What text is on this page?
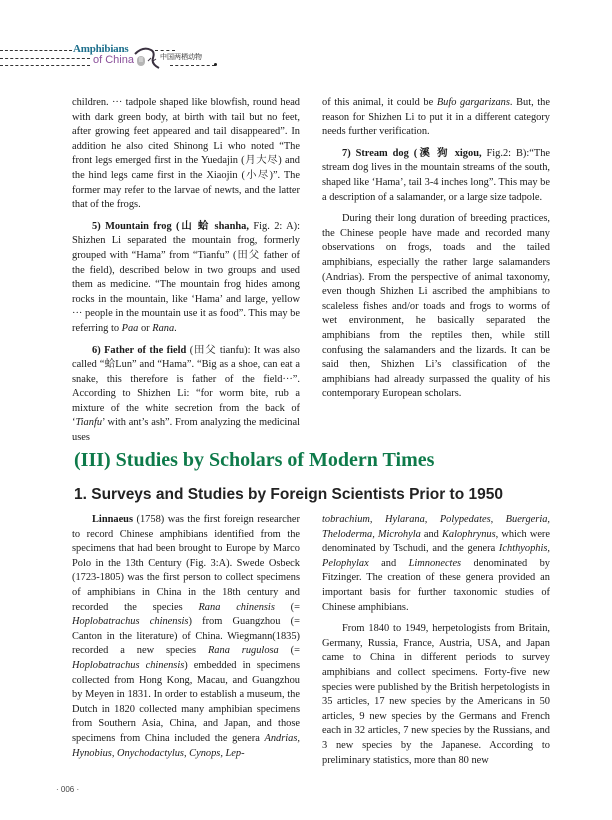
Amphibians
of China II 中国两栖动物

children. ··· tadpole shaped like blowfish, round head with dark green body, at birth with tail but no feet, after growing feet appeared and tail disappeared”. In addition he also cited Shinong Li who noted “The front legs emerged first in the Yuedajin (月大尽) and the hind legs came first in the Xiaojin (小尽)”. The former may refer to the larvae of newts, and the latter that of the frogs.

5) Mountain frog (山 蛤 shanha, Fig. 2: A): Shizhen Li separated the mountain frog, formerly grouped with “Hama” from “Tianfu” (田父 father of the field), described below in two groups and used them as medicine. “The mountain frog hides among rocks in the mountain, like ‘Hama’ and large, yellow ··· people in the mountain use it as food”. This may be referring to Paa or Rana.

6) Father of the field (田父 tianfu): It was also called “蛤Lun” and “Hama”. “Big as a shoe, can eat a snake, this therefore is father of the field···”. According to Shizhen Li: “for worm bite, rub a mixture of the white secretion from the back of ‘Tianfu’ with ant’s ash”. From analyzing the medicinal uses

of this animal, it could be Bufo gargarizans. But, the reason for Shizhen Li to put it in a different category needs further verification.

7) Stream dog (溪 狗 xigou, Fig.2: B):“The stream dog lives in the mountain streams of the south, shaped like ‘Hama’, tail 3-4 inches long”. This may be a description of a salamander, or a large size tadpole.

During their long duration of breeding practices, the Chinese people have made and recorded many observations on frogs, toads and the tailed amphibians, especially the rather large salamanders (Andrias). From the perspective of animal taxonomy, even though Shizhen Li ascribed the amphibians to scaleless fishes and/or toads and frogs to worms of wet environment, he basically separated the amphibians from the reptiles then, while still confusing the salamanders and the lizards. It can be said then, Shizhen Li’s classification of the amphibians had already surpassed the quality of his contemporary European scholars.

(III) Studies by Scholars of Modern Times
1. Surveys and Studies by Foreign Scientists Prior to 1950

Linnaeus (1758) was the first foreign researcher to record Chinese amphibians identified from the specimens that had been brought to Europe by Marco Polo in the 13th Century (Fig. 3:A). Swede Osbeck (1723-1805) was the first person to collect specimens of amphibians in China in the 18th century and recorded the species Rana chinensis (= Hoplobatrachus chinensis) from Guangzhou (= Canton in the literature) of China. Wiegmann(1835) recorded a new species Rana rugulosa (= Hoplobatrachus chinensis) embedded in specimens collected from Hong Kong, Macau, and Guangzhou by Meyen in 1831. In order to establish a museum, the Dutch in 1820 collected many amphibian specimens from Southern Asia, China, and Japan, and those specimens from China included the genera Andrias, Hynobius, Onychodactylus, Cynops, Lep-

tobrachium, Hylarana, Polypedates, Buergeria, Theloderma, Microhyla and Kalophrynus, which were denominated by Tschudi, and the genera Ichthyophis, Pelophylax and Limnonectes denominated by Fitzinger. The creation of these genera provided an important basis for further taxonomic studies of Chinese amphibians.

From 1840 to 1949, herpetologists from Britain, Germany, Russia, France, Austria, USA, and Japan came to China in different periods to survey amphibians and collect specimens. Forty-five new species were published by the British herpetologists in 35 articles, 17 new species by the Americans in 50 articles, 9 new species by the Germans and French each in 32 articles, 7 new species by the Russians, and 3 new species by the Japanese. According to preliminary statistics, more than 80 new

· 006 ·
